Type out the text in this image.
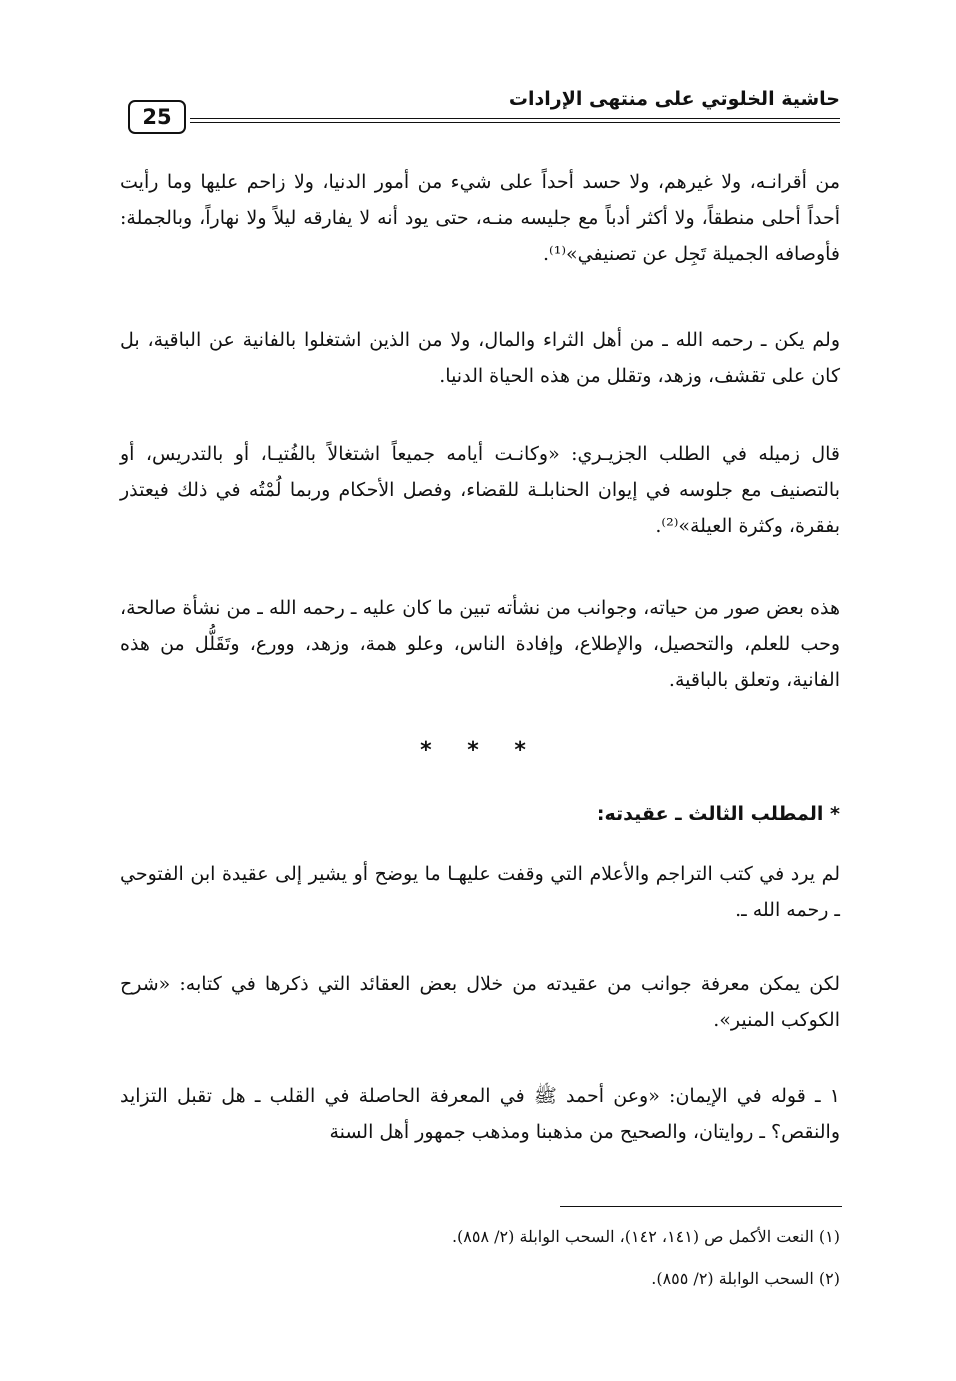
25
حاشية الخلوتي على منتهى الإرادات

من أقرانـه، ولا غيرهم، ولا حسد أحداً على شيء من أمور الدنيا، ولا زاحم عليها وما رأيت أحداً أحلى منطقاً، ولا أكثر أدباً مع جليسه منـه، حتى يود أنه لا يفارقه ليلاً ولا نهاراً، وبالجملة: فأوصافه الجميلة تَجِل عن تصنيفي»⁽¹⁾.

ولم يكن ـ رحمه الله ـ من أهل الثراء والمال، ولا من الذين اشتغلوا بالفانية عن الباقية، بل كان على تقشف، وزهد، وتقلل من هذه الحياة الدنيا.

قال زميله في الطلب الجزيـري: «وكانـت أيامه جميعاً اشتغالاً بالفُتيـا، أو بالتدريس، أو بالتصنيف مع جلوسه في إيوان الحنابلـة للقضاء، وفصل الأحكام وربما لُمْتُه في ذلك فيعتذر بفقرة، وكثرة العيلة»⁽²⁾.

هذه بعض صور من حياته، وجوانب من نشأته تبين ما كان عليه ـ رحمه الله ـ من نشأة صالحة، وحب للعلم، والتحصيل، والإطلاع، وإفادة الناس، وعلو همة، وزهد، وورع، وتَقَلُّل من هذه الفانية، وتعلق بالباقية.

* * *
* المطلب الثالث ـ عقيدته:

لم يرد في كتب التراجم والأعلام التي وقفت عليهـا ما يوضح أو يشير إلى عقيدة ابن الفتوحي ـ رحمه الله ـ.

لكن يمكن معرفة جوانب من عقيدته من خلال بعض العقائد التي ذكرها في كتابه: «شرح الكوكب المنير».

١ ـ قوله في الإيمان: «وعن أحمد ﷺ في المعرفة الحاصلة في القلب ـ هل تقبل التزايد والنقص؟ ـ روايتان، والصحيح من مذهبنا ومذهب جمهور أهل السنة

(١) النعت الأكمل ص (١٤١، ١٤٢)، السحب الوابلة (٢/ ٨٥٨).

(٢) السحب الوابلة (٢/ ٨٥٥).
